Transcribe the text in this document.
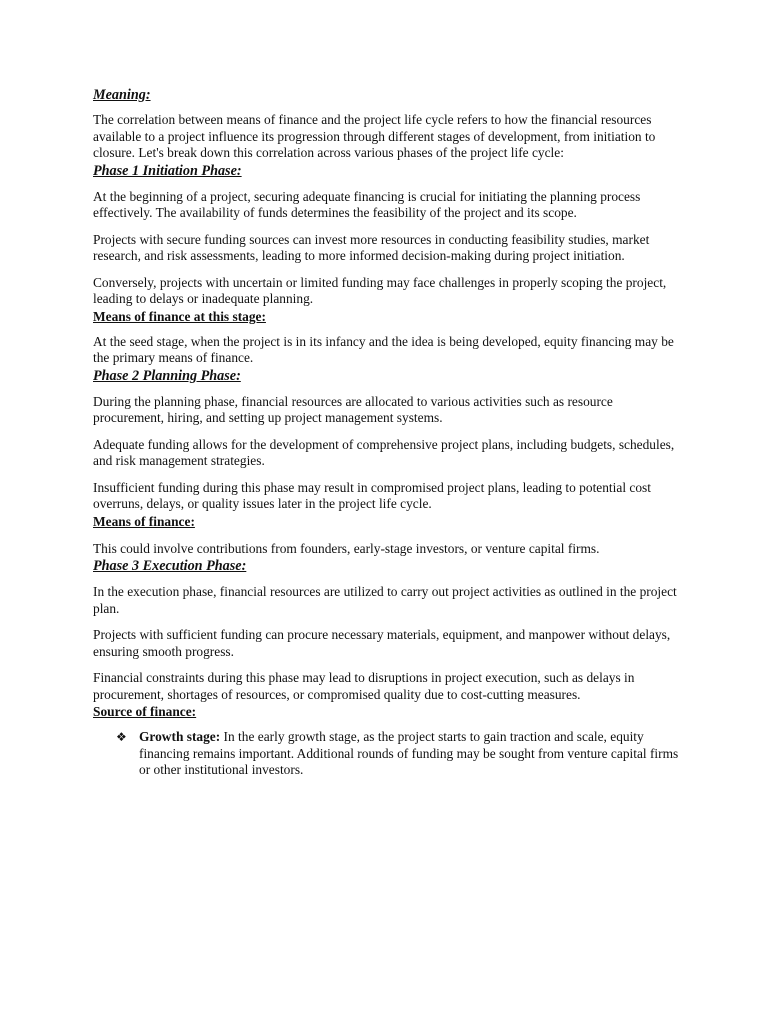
Meaning:

The correlation between means of finance and the project life cycle refers to how the financial resources available to a project influence its progression through different stages of development, from initiation to closure. Let's break down this correlation across various phases of the project life cycle:

Phase 1 Initiation Phase:

At the beginning of a project, securing adequate financing is crucial for initiating the planning process effectively. The availability of funds determines the feasibility of the project and its scope.

Projects with secure funding sources can invest more resources in conducting feasibility studies, market research, and risk assessments, leading to more informed decision-making during project initiation.

Conversely, projects with uncertain or limited funding may face challenges in properly scoping the project, leading to delays or inadequate planning.

Means of finance at this stage:

At the seed stage, when the project is in its infancy and the idea is being developed, equity financing may be the primary means of finance.

Phase 2 Planning Phase:

During the planning phase, financial resources are allocated to various activities such as resource procurement, hiring, and setting up project management systems.

Adequate funding allows for the development of comprehensive project plans, including budgets, schedules, and risk management strategies.

Insufficient funding during this phase may result in compromised project plans, leading to potential cost overruns, delays, or quality issues later in the project life cycle.

Means of finance:

This could involve contributions from founders, early-stage investors, or venture capital firms.

Phase 3 Execution Phase:

In the execution phase, financial resources are utilized to carry out project activities as outlined in the project plan.

Projects with sufficient funding can procure necessary materials, equipment, and manpower without delays, ensuring smooth progress.

Financial constraints during this phase may lead to disruptions in project execution, such as delays in procurement, shortages of resources, or compromised quality due to cost-cutting measures.

Source of finance:
❖ Growth stage: In the early growth stage, as the project starts to gain traction and scale, equity financing remains important. Additional rounds of funding may be sought from venture capital firms or other institutional investors.
